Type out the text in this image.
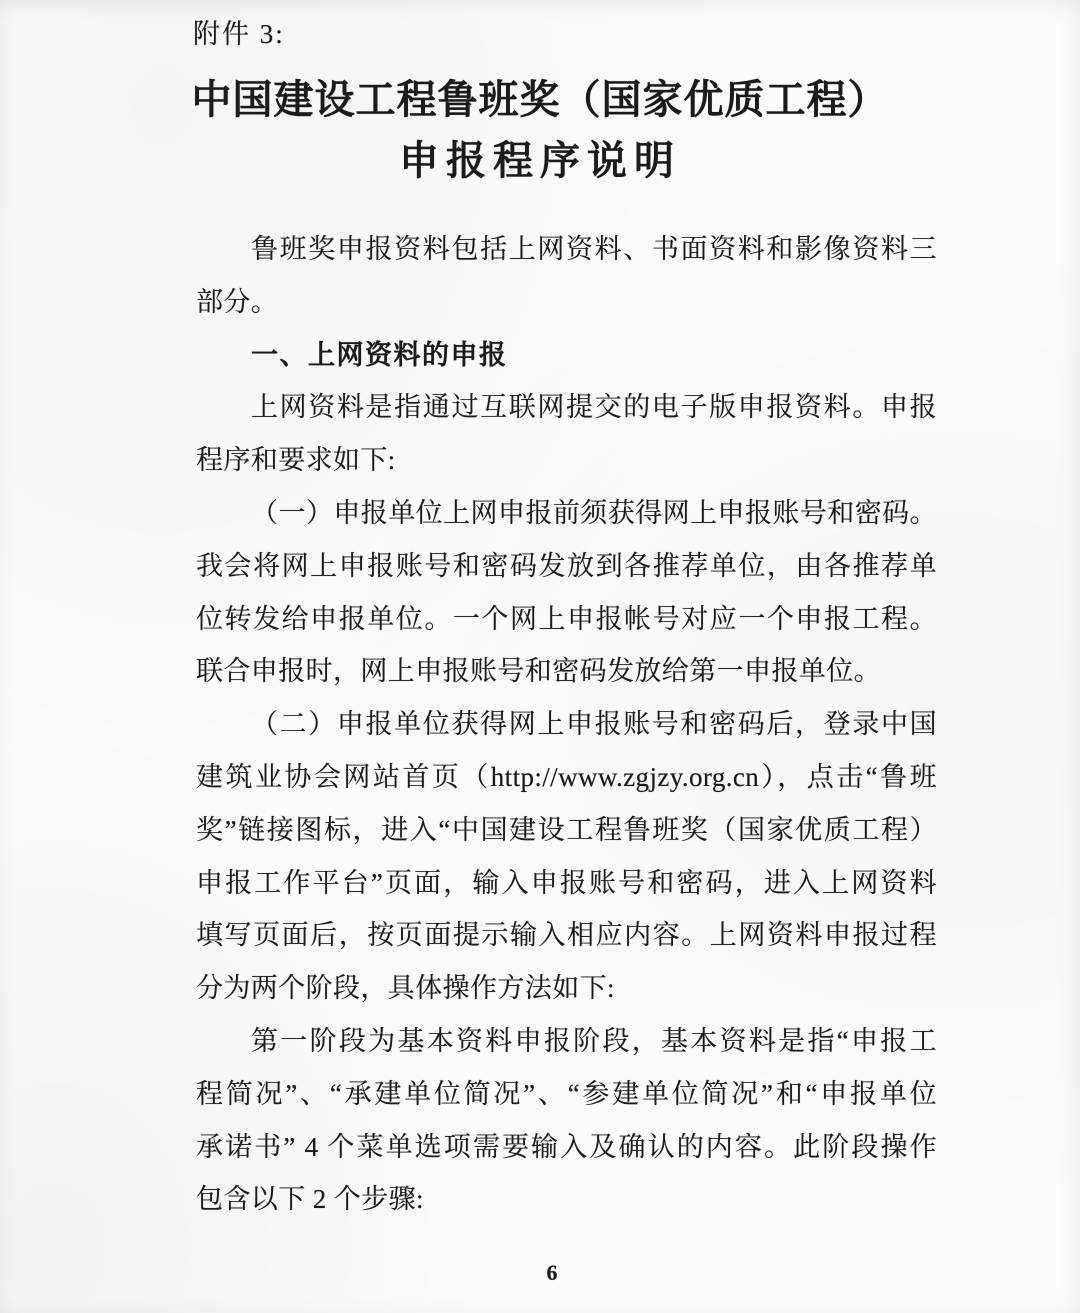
附件 3:
中国建设工程鲁班奖（国家优质工程）
申报程序说明
鲁班奖申报资料包括上网资料、书面资料和影像资料三
部分。
一、上网资料的申报
上网资料是指通过互联网提交的电子版申报资料。申报
程序和要求如下:
（一）申报单位上网申报前须获得网上申报账号和密码。
我会将网上申报账号和密码发放到各推荐单位，由各推荐单
位转发给申报单位。一个网上申报帐号对应一个申报工程。
联合申报时，网上申报账号和密码发放给第一申报单位。
（二）申报单位获得网上申报账号和密码后，登录中国
建筑业协会网站首页（http://www.zgjzy.org.cn），点击“鲁班
奖”链接图标，进入“中国建设工程鲁班奖（国家优质工程）
申报工作平台”页面，输入申报账号和密码，进入上网资料
填写页面后，按页面提示输入相应内容。上网资料申报过程
分为两个阶段，具体操作方法如下:
第一阶段为基本资料申报阶段，基本资料是指“申报工
程简况”、“承建单位简况”、“参建单位简况”和“申报单位
承诺书” 4 个菜单选项需要输入及确认的内容。此阶段操作
包含以下 2 个步骤:
6
